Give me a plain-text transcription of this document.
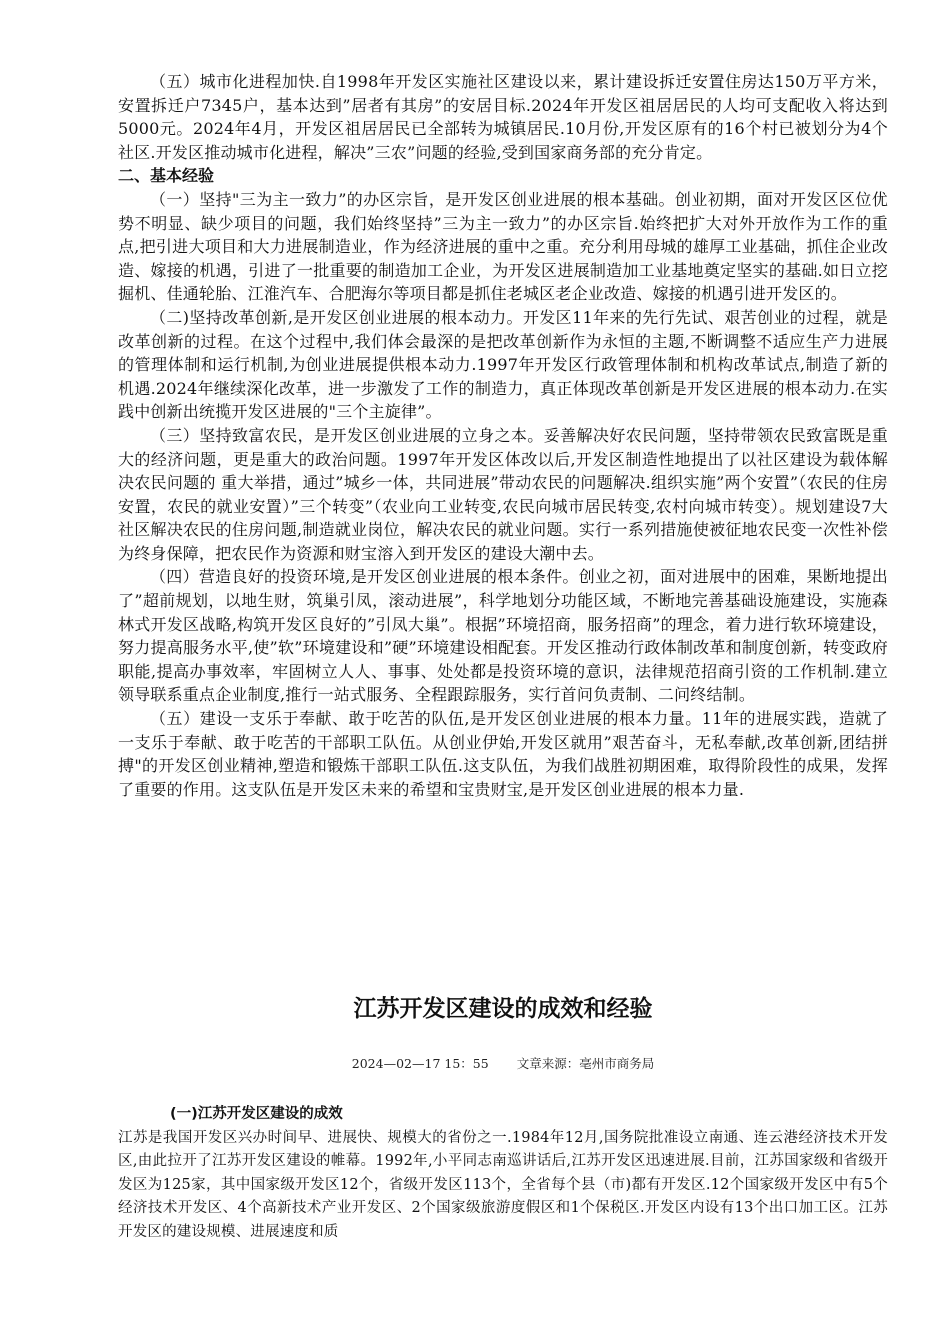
（五）城市化进程加快.自1998年开发区实施社区建设以来，累计建设拆迁安置住房达150万平方米，安置拆迁户7345户，基本达到”居者有其房”的安居目标.2024年开发区祖居居民的人均可支配收入将达到5000元。2024年4月，开发区祖居居民已全部转为城镇居民.10月份,开发区原有的16个村已被划分为4个社区.开发区推动城市化进程，解决”三农”问题的经验,受到国家商务部的充分肯定。

二、基本经验

（一）坚持"三为主一致力”的办区宗旨，是开发区创业进展的根本基础。创业初期，面对开发区区位优势不明显、缺少项目的问题，我们始终坚持”三为主一致力”的办区宗旨.始终把扩大对外开放作为工作的重点,把引进大项目和大力进展制造业，作为经济进展的重中之重。充分利用母城的雄厚工业基础，抓住企业改造、嫁接的机遇，引进了一批重要的制造加工企业，为开发区进展制造加工业基地奠定坚实的基础.如日立挖掘机、佳通轮胎、江淮汽车、合肥海尔等项目都是抓住老城区老企业改造、嫁接的机遇引进开发区的。

（二)坚持改革创新,是开发区创业进展的根本动力。开发区11年来的先行先试、艰苦创业的过程，就是改革创新的过程。在这个过程中,我们体会最深的是把改革创新作为永恒的主题,不断调整不适应生产力进展的管理体制和运行机制,为创业进展提供根本动力.1997年开发区行政管理体制和机构改革试点,制造了新的机遇.2024年继续深化改革，进一步激发了工作的制造力，真正体现改革创新是开发区进展的根本动力.在实践中创新出统揽开发区进展的"三个主旋律”。

（三）坚持致富农民，是开发区创业进展的立身之本。妥善解决好农民问题，坚持带领农民致富既是重大的经济问题，更是重大的政治问题。1997年开发区体改以后,开发区制造性地提出了以社区建设为载体解决农民问题的 重大举措，通过”城乡一体，共同进展”带动农民的问题解决.组织实施”两个安置”（农民的住房安置，农民的就业安置）”三个转变”（农业向工业转变,农民向城市居民转变,农村向城市转变）。规划建设7大社区解决农民的住房问题,制造就业岗位，解决农民的就业问题。实行一系列措施使被征地农民变一次性补偿为终身保障，把农民作为资源和财宝溶入到开发区的建设大潮中去。

（四）营造良好的投资环境,是开发区创业进展的根本条件。创业之初，面对进展中的困难，果断地提出了”超前规划，以地生财，筑巢引凤，滚动进展”，科学地划分功能区域，不断地完善基础设施建设，实施森林式开发区战略,构筑开发区良好的”引凤大巢”。根据”环境招商，服务招商”的理念，着力进行软环境建设，努力提高服务水平,使”软”环境建设和”硬”环境建设相配套。开发区推动行政体制改革和制度创新，转变政府职能,提高办事效率，牢固树立人人、事事、处处都是投资环境的意识，法律规范招商引资的工作机制.建立领导联系重点企业制度,推行一站式服务、全程跟踪服务，实行首问负责制、二问终结制。

（五）建设一支乐于奉献、敢于吃苦的队伍,是开发区创业进展的根本力量。11年的进展实践，造就了一支乐于奉献、敢于吃苦的干部职工队伍。从创业伊始,开发区就用”艰苦奋斗，无私奉献,改革创新,团结拼搏"的开发区创业精神,塑造和锻炼干部职工队伍.这支队伍，为我们战胜初期困难，取得阶段性的成果，发挥了重要的作用。这支队伍是开发区未来的希望和宝贵财宝,是开发区创业进展的根本力量.

江苏开发区建设的成效和经验

2024—02—17 15：55 文章来源：亳州市商务局

(一)江苏开发区建设的成效

江苏是我国开发区兴办时间早、进展快、规模大的省份之一.1984年12月,国务院批准设立南通、连云港经济技术开发区,由此拉开了江苏开发区建设的帷幕。1992年,小平同志南巡讲话后,江苏开发区迅速进展.目前，江苏国家级和省级开发区为125家，其中国家级开发区12个，省级开发区113个，全省每个县（市)都有开发区.12个国家级开发区中有5个经济技术开发区、4个高新技术产业开发区、2个国家级旅游度假区和1个保税区.开发区内设有13个出口加工区。江苏开发区的建设规模、进展速度和质
